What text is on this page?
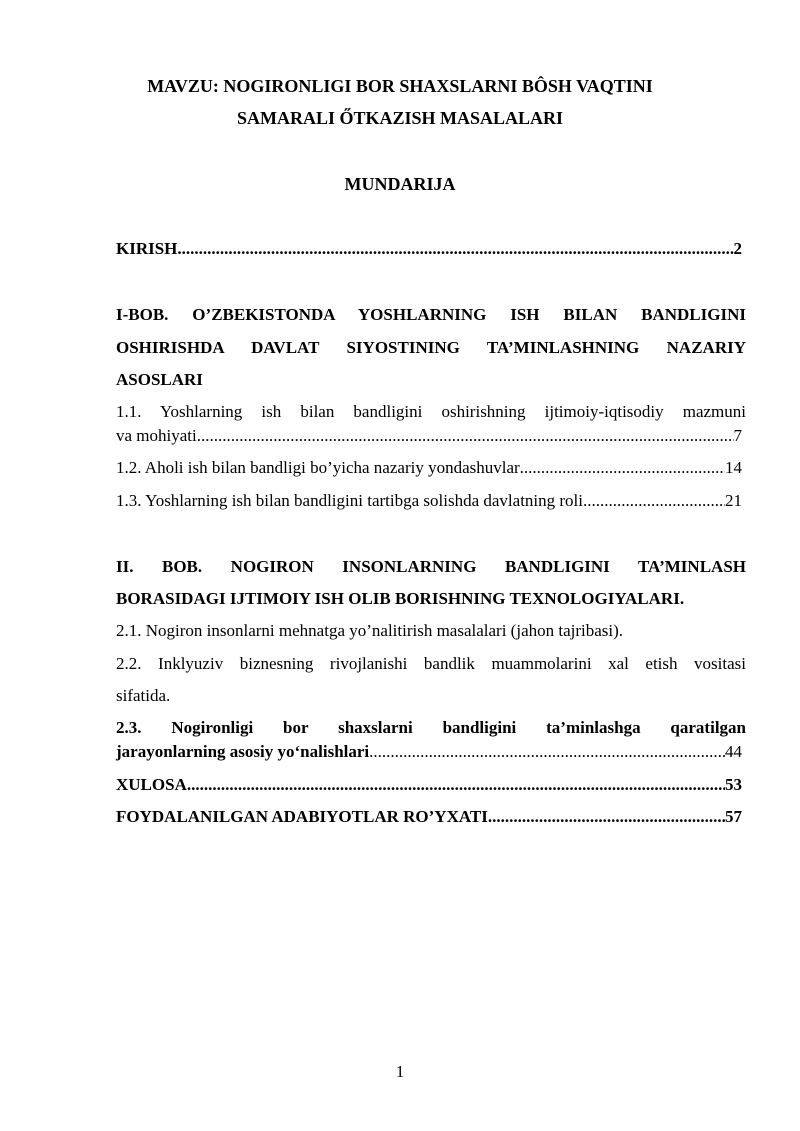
MAVZU: NOGIRONLIGI BOR SHAXSLARNI BÔSH VAQTINI
SAMARALI ŐTKAZISH MASALALARI
MUNDARIJA
KIRISH .....	2
I-BOB. O’ZBEKISTONDA YOSHLARNING ISH BILAN BANDLIGINI
OSHIRISHDA DAVLAT SIYOSTINING TA’MINLASHNING NAZARIY
ASOSLARI
1.1. Yoshlarning ish bilan bandligini oshirishning ijtimoiy-iqtisodiy mazmuni
va mohiyati .....	7
1.2. Aholi ish bilan bandligi bo’yicha nazariy yondashuvlar .....	14
1.3. Yoshlarning ish bilan bandligini tartibga solishda davlatning roli .....	21
II. BOB. NOGIRON INSONLARNING BANDLIGINI TA’MINLASH
BORASIDAGI IJTIMOIY ISH OLIB BORISHNING TEXNOLOGIYALARI.
2.1. Nogiron insonlarni mehnatga yo’nalitirish masalalari (jahon tajribasi).
2.2. Inklyuziv biznesning rivojlanishi bandlik muammolarini xal etish vositasi
sifatida.
2.3. Nogironligi bor shaxslarni bandligini ta’minlashga qaratilgan
jarayonlarning asosiy yo‘nalishlari .....	44
XULOSA .....	53
FOYDALANILGAN ADABIYOTLAR RO’YXATI .....	57
1
